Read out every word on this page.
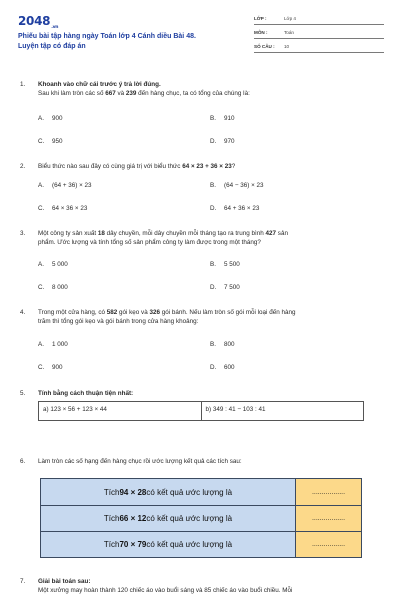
$2048_{.vn}$
Phiếu bài tập hàng ngày Toán lớp 4 Cánh diều Bài 48.
Luyện tập có đáp án
LỚP :	Lớp 4
MÔN :	Toán
SỐ CÂU :	10
1. Khoanh vào chữ cái trước ý trả lời đúng.
Sau khi làm tròn các số 667 và 239 đến hàng chục, ta có tổng của chúng là:
A. 900	B. 910
C. 950	D. 970
2. Biểu thức nào sau đây có cùng giá trị với biểu thức 64 × 23 + 36 × 23?
A. (64 + 36) × 23	B. (64 − 36) × 23
C. 64 × 36 × 23	D. 64 + 36 × 23
3. Một công ty sản xuất 18 dây chuyền, mỗi dây chuyền mỗi tháng tạo ra trung bình 427 sản
phẩm. Ước lượng và tính tổng số sản phẩm công ty làm được trong một tháng?
A. 5 000	B. 5 500
C. 8 000	D. 7 500
4. Trong một cửa hàng, có 582 gói kẹo và 326 gói bánh. Nếu làm tròn số gói mỗi loại đến hàng
trăm thì tổng gói kẹo và gói bánh trong cửa hàng khoảng:
A. 1 000	B. 800
C. 900	D. 600
5. Tính bằng cách thuận tiện nhất:
a) 123 × 56 + 123 × 44	b) 349 : 41 − 103 : 41
6. Làm tròn các số hạng đến hàng chục rồi ước lượng kết quả các tích sau:
Tích 94 × 28 có kết quả ước lượng là	.................
Tích 66 × 12 có kết quả ước lượng là	.................
Tích 70 × 79 có kết quả ước lượng là	.................
7. Giải bài toán sau:
Một xưởng may hoàn thành 120 chiếc áo vào buổi sáng và 85 chiếc áo vào buổi chiều. Mỗi
